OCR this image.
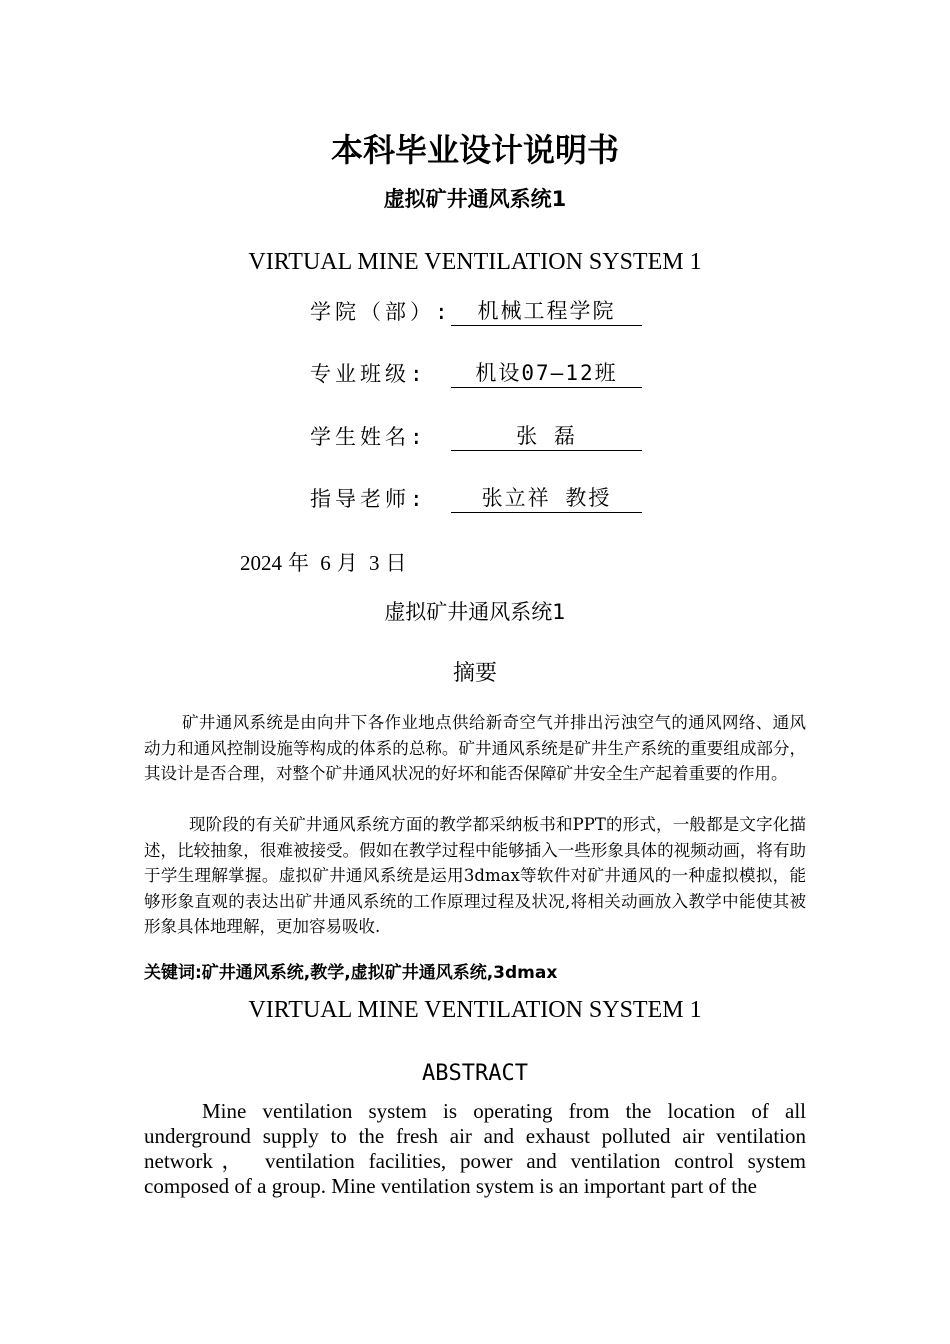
本科毕业设计说明书
虚拟矿井通风系统1
VIRTUAL MINE VENTILATION SYSTEM 1
学院（部）:	机械工程学院
专业班级:	机设07—12班
学生姓名:	张 磊
指导老师:	张立祥 教授
2024 年 6 月 3 日
虚拟矿井通风系统1
摘要

矿井通风系统是由向井下各作业地点供给新奇空气并排出污浊空气的通风网络、通风动力和通风控制设施等构成的体系的总称。矿井通风系统是矿井生产系统的重要组成部分，其设计是否合理，对整个矿井通风状况的好坏和能否保障矿井安全生产起着重要的作用。

现阶段的有关矿井通风系统方面的教学都采纳板书和PPT的形式，一般都是文字化描述，比较抽象，很难被接受。假如在教学过程中能够插入一些形象具体的视频动画，将有助于学生理解掌握。虚拟矿井通风系统是运用3dmax等软件对矿井通风的一种虚拟模拟，能够形象直观的表达出矿井通风系统的工作原理过程及状况,将相关动画放入教学中能使其被形象具体地理解，更加容易吸收.

关键词:矿井通风系统,教学,虚拟矿井通风系统,3dmax
VIRTUAL MINE VENTILATION SYSTEM 1
ABSTRACT

Mine ventilation system is operating from the location of all underground supply to the fresh air and exhaust polluted air ventilation network， ventilation facilities, power and ventilation control system composed of a group. Mine ventilation system is an important part of the
